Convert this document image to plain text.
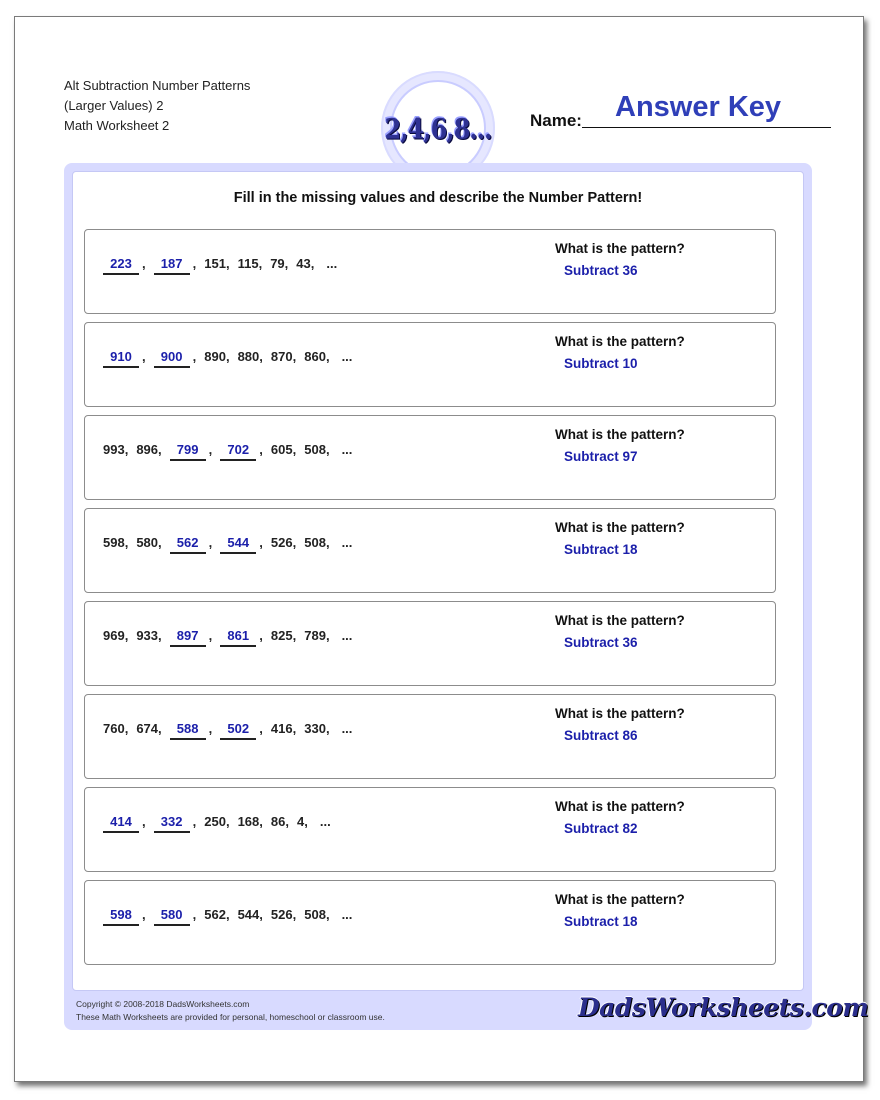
Alt Subtraction Number Patterns
(Larger Values) 2
Math Worksheet 2	2,4,6,8... Name: Answer Key
Fill in the missing values and describe the Number Pattern!
223 ,	187 , 151, 115, 79, 43, ...
What is the pattern?
Subtract 36
910 ,	900 , 890, 880, 870, 860, ...
What is the pattern?
Subtract 10
993, 896,	799 ,	702 , 605, 508, ...
What is the pattern?
Subtract 97
598, 580,	562 ,	544 , 526, 508, ...
What is the pattern?
Subtract 18
969, 933,	897 ,	861 , 825, 789, ...
What is the pattern?
Subtract 36
760, 674,	588 ,	502 , 416, 330, ...
What is the pattern?
Subtract 86
414 ,	332 , 250, 168, 86, 4, ...
What is the pattern?
Subtract 82
598 ,	580 , 562, 544, 526, 508, ...
What is the pattern?
Subtract 18
Copyright © 2008-2018 DadsWorksheets.com
These Math Worksheets are provided for personal, homeschool or classroom use.	DadsWorksheets.com
